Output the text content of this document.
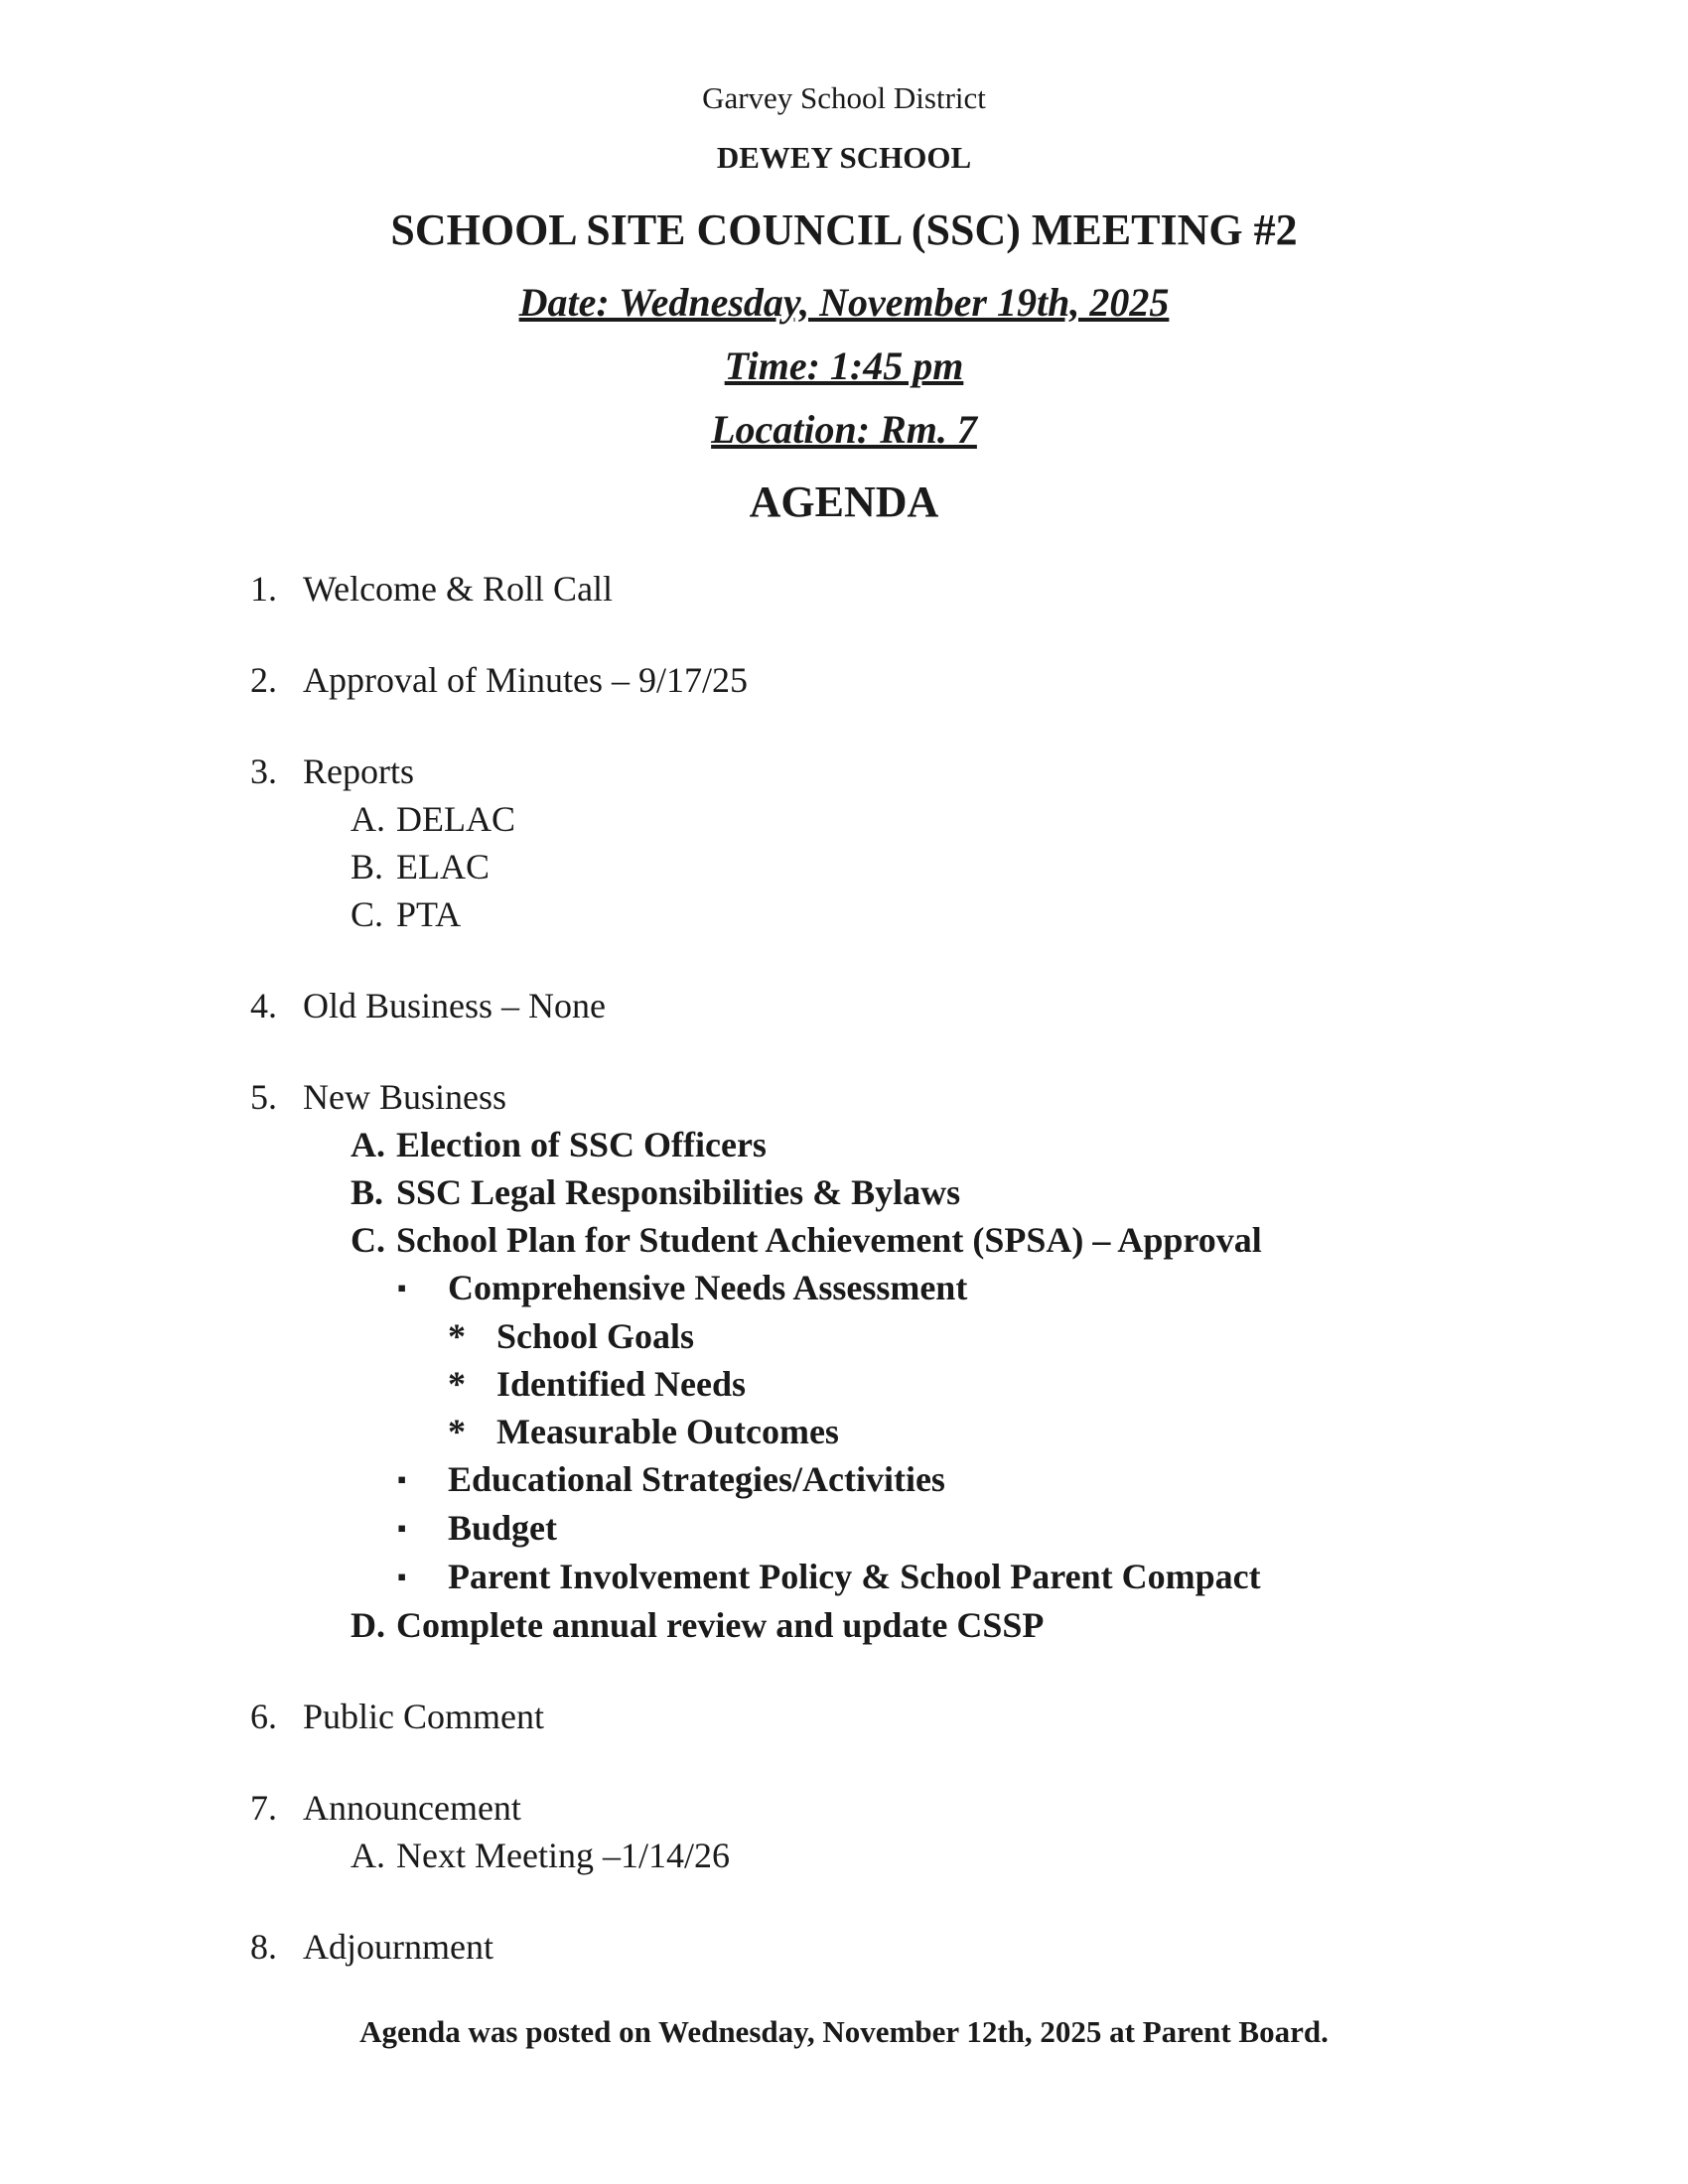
Garvey School District
DEWEY SCHOOL
SCHOOL SITE COUNCIL (SSC) MEETING #2
Date: Wednesday, November 19th, 2025
Time: 1:45 pm
Location: Rm. 7
AGENDA
1. Welcome & Roll Call
2. Approval of Minutes – 9/17/25
3. Reports
A. DELAC
B. ELAC
C. PTA
4. Old Business – None
5. New Business
A. Election of SSC Officers
B. SSC Legal Responsibilities & Bylaws
C. School Plan for Student Achievement (SPSA) – Approval
▪ Comprehensive Needs Assessment
* School Goals
* Identified Needs
* Measurable Outcomes
▪ Educational Strategies/Activities
▪ Budget
▪ Parent Involvement Policy & School Parent Compact
D. Complete annual review and update CSSP
6. Public Comment
7. Announcement
A. Next Meeting –1/14/26
8. Adjournment
Agenda was posted on Wednesday, November 12th, 2025 at Parent Board.
